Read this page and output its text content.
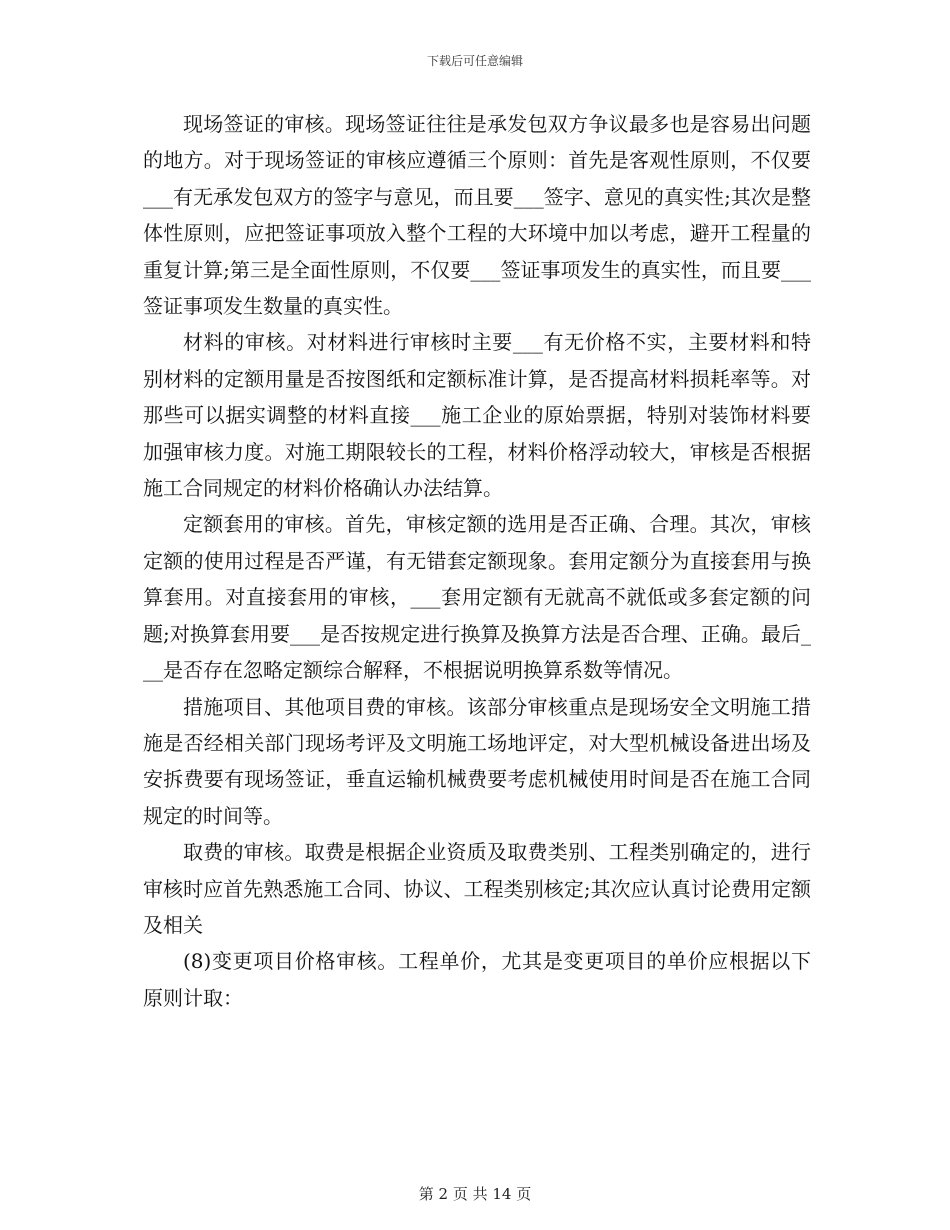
下载后可任意编辑

现场签证的审核。现场签证往往是承发包双方争议最多也是容易出问题的地方。对于现场签证的审核应遵循三个原则：首先是客观性原则，不仅要___有无承发包双方的签字与意见，而且要___签字、意见的真实性;其次是整体性原则，应把签证事项放入整个工程的大环境中加以考虑，避开工程量的重复计算;第三是全面性原则，不仅要___签证事项发生的真实性，而且要___签证事项发生数量的真实性。

材料的审核。对材料进行审核时主要___有无价格不实，主要材料和特别材料的定额用量是否按图纸和定额标准计算，是否提高材料损耗率等。对那些可以据实调整的材料直接___施工企业的原始票据，特别对装饰材料要加强审核力度。对施工期限较长的工程，材料价格浮动较大，审核是否根据施工合同规定的材料价格确认办法结算。

定额套用的审核。首先，审核定额的选用是否正确、合理。其次，审核定额的使用过程是否严谨，有无错套定额现象。套用定额分为直接套用与换算套用。对直接套用的审核，___套用定额有无就高不就低或多套定额的问题;对换算套用要___是否按规定进行换算及换算方法是否合理、正确。最后___是否存在忽略定额综合解释，不根据说明换算系数等情况。

措施项目、其他项目费的审核。该部分审核重点是现场安全文明施工措施是否经相关部门现场考评及文明施工场地评定，对大型机械设备进出场及安拆费要有现场签证，垂直运输机械费要考虑机械使用时间是否在施工合同规定的时间等。

取费的审核。取费是根据企业资质及取费类别、工程类别确定的，进行审核时应首先熟悉施工合同、协议、工程类别核定;其次应认真讨论费用定额及相关

(8)变更项目价格审核。工程单价，尤其是变更项目的单价应根据以下原则计取：

第 2 页 共 14 页
